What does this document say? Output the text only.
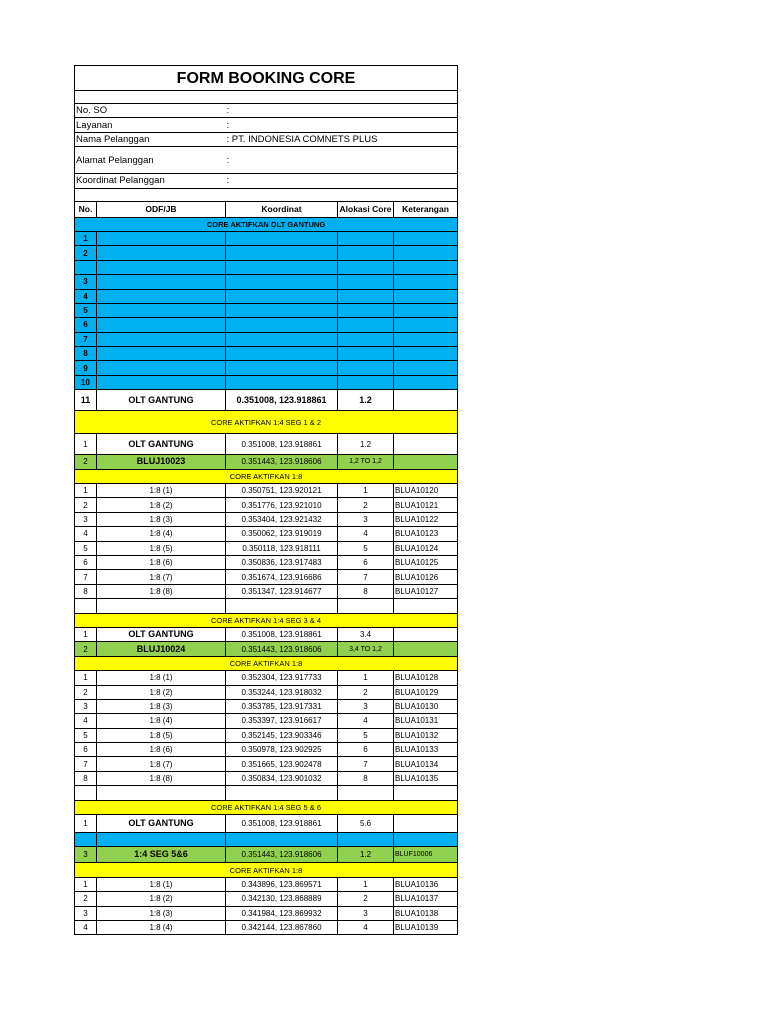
FORM BOOKING CORE				

No. SO		:		
Layanan		:		
Nama Pelanggan		: PT. INDONESIA COMNETS PLUS		
Alamat Pelanggan		:		
Koordinat Pelanggan		:		

No.	ODF/JB	Koordinat	Alokasi Core	Keterangan
CORE AKTIFKAN OLT GANTUNG				
1				
2				

3				
4				
5				
6				
7				
8				
9				
10				
11	OLT GANTUNG	0.351008, 123.918861	1.2	
CORE AKTIFKAN 1:4 SEG 1 & 2				
1	OLT GANTUNG	0.351008, 123.918861	1.2	
2	BLUJ10023	0.351443, 123.918606	1,2 TO 1,2	
CORE AKTIFKAN 1:8				
1	1:8 (1)	0.350751, 123.920121	1	BLUA10120
2	1:8 (2)	0.351776, 123.921010	2	BLUA10121
3	1:8 (3)	0.353404, 123.921432	3	BLUA10122
4	1:8 (4)	0.350062, 123.919019	4	BLUA10123
5	1:8 (5)	0.350118, 123.918111	5	BLUA10124
6	1:8 (6)	0.350836, 123.917483	6	BLUA10125
7	1:8 (7)	0.351674, 123.916686	7	BLUA10126
8	1:8 (8)	0.351347, 123.914677	8	BLUA10127

CORE AKTIFKAN 1:4 SEG 3 & 4				
1	OLT GANTUNG	0.351008, 123.918861	3.4	
2	BLUJ10024	0.351443, 123.918606	3,4 TO 1,2	
CORE AKTIFKAN 1:8				
1	1:8 (1)	0.352304, 123.917733	1	BLUA10128
2	1:8 (2)	0.353244, 123.918032	2	BLUA10129
3	1:8 (3)	0.353785, 123.917331	3	BLUA10130
4	1:8 (4)	0.353397, 123.916617	4	BLUA10131
5	1:8 (5)	0.352145, 123.903346	5	BLUA10132
6	1:8 (6)	0.350978, 123.902925	6	BLUA10133
7	1:8 (7)	0.351665, 123.902478	7	BLUA10134
8	1:8 (8)	0.350834, 123.901032	8	BLUA10135

CORE AKTIFKAN 1:4 SEG 5 & 6				
1	OLT GANTUNG	0.351008, 123.918861	5.6	

3	1:4 SEG 5&6	0.351443, 123.918606	1.2	BLUF10006
CORE AKTIFKAN 1:8				
1	1:8 (1)	0.343896, 123.869571	1	BLUA10136
2	1:8 (2)	0.342130, 123.868889	2	BLUA10137
3	1:8 (3)	0.341984, 123.869932	3	BLUA10138
4	1:8 (4)	0.342144, 123.867860	4	BLUA10139
